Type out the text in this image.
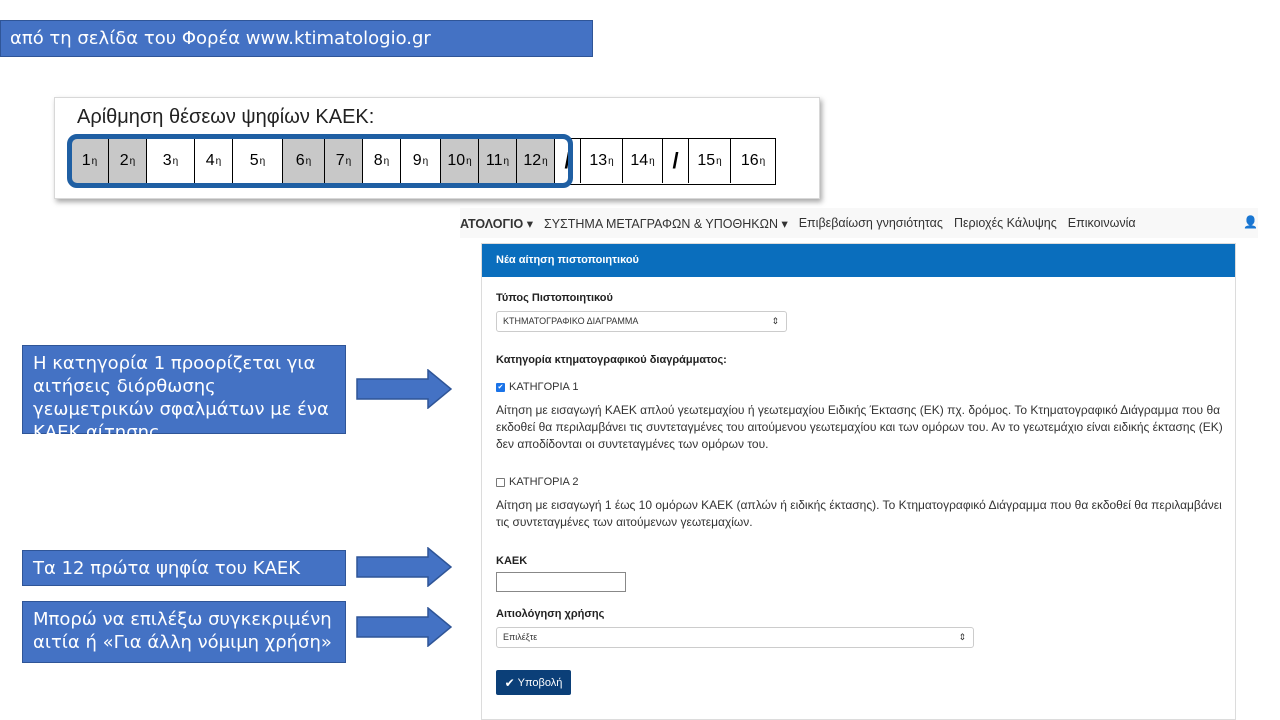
από τη σελίδα του Φορέα www.ktimatologio.gr
Αρίθμηση θέσεων ψηφίων ΚΑΕΚ:
1 η 2 η 3 η 4 η 5 η 6 η 7 η 8 η 9 η 10 η 11 η 12 η / 13 η 14 η / 15 η 16 η
ΑΤΟΛΟΓΙΟ ▾ ΣΥΣΤΗΜΑ ΜΕΤΑΓΡΑΦΩΝ & ΥΠΟΘΗΚΩΝ ▾ Επιβεβαίωση γνησιότητας Περιοχές Κάλυψης Επικοινωνία	👤
Νέα αίτηση πιστοποιητικού
Τύπος Πιστοποιητικού
ΚΤΗΜΑΤΟΓΡΑΦΙΚΟ ΔΙΑΓΡΑΜΜΑ	⇕
Κατηγορία κτηματογραφικού διαγράμματος:
✔ ΚΑΤΗΓΟΡΙΑ 1
Αίτηση με εισαγωγή ΚΑΕΚ απλού γεωτεμαχίου ή γεωτεμαχίου Ειδικής Έκτασης (ΕΚ) πχ. δρόμος. Το Κτηματογραφικό Διάγραμμα που θα εκδοθεί θα περιλαμβάνει τις συντεταγμένες του αιτούμενου γεωτεμαχίου και των ομόρων του. Αν το γεωτεμάχιο είναι ειδικής έκτασης (ΕΚ) δεν αποδίδονται οι συντεταγμένες των ομόρων του.
ΚΑΤΗΓΟΡΙΑ 2
Αίτηση με εισαγωγή 1 έως 10 ομόρων ΚΑΕΚ (απλών ή ειδικής έκτασης). Το Κτηματογραφικό Διάγραμμα που θα εκδοθεί θα περιλαμβάνει τις συντεταγμένες των αιτούμενων γεωτεμαχίων.
ΚΑΕΚ
Αιτιολόγηση χρήσης
Επιλέξτε	⇕
✔ Υποβολή
Η κατηγορία 1 προορίζεται για αιτήσεις διόρθωσης γεωμετρικών σφαλμάτων με ένα ΚΑΕΚ αίτησης.
Τα 12 πρώτα ψηφία του ΚΑΕΚ
Μπορώ να επιλέξω συγκεκριμένη αιτία ή «Για άλλη νόμιμη χρήση»
